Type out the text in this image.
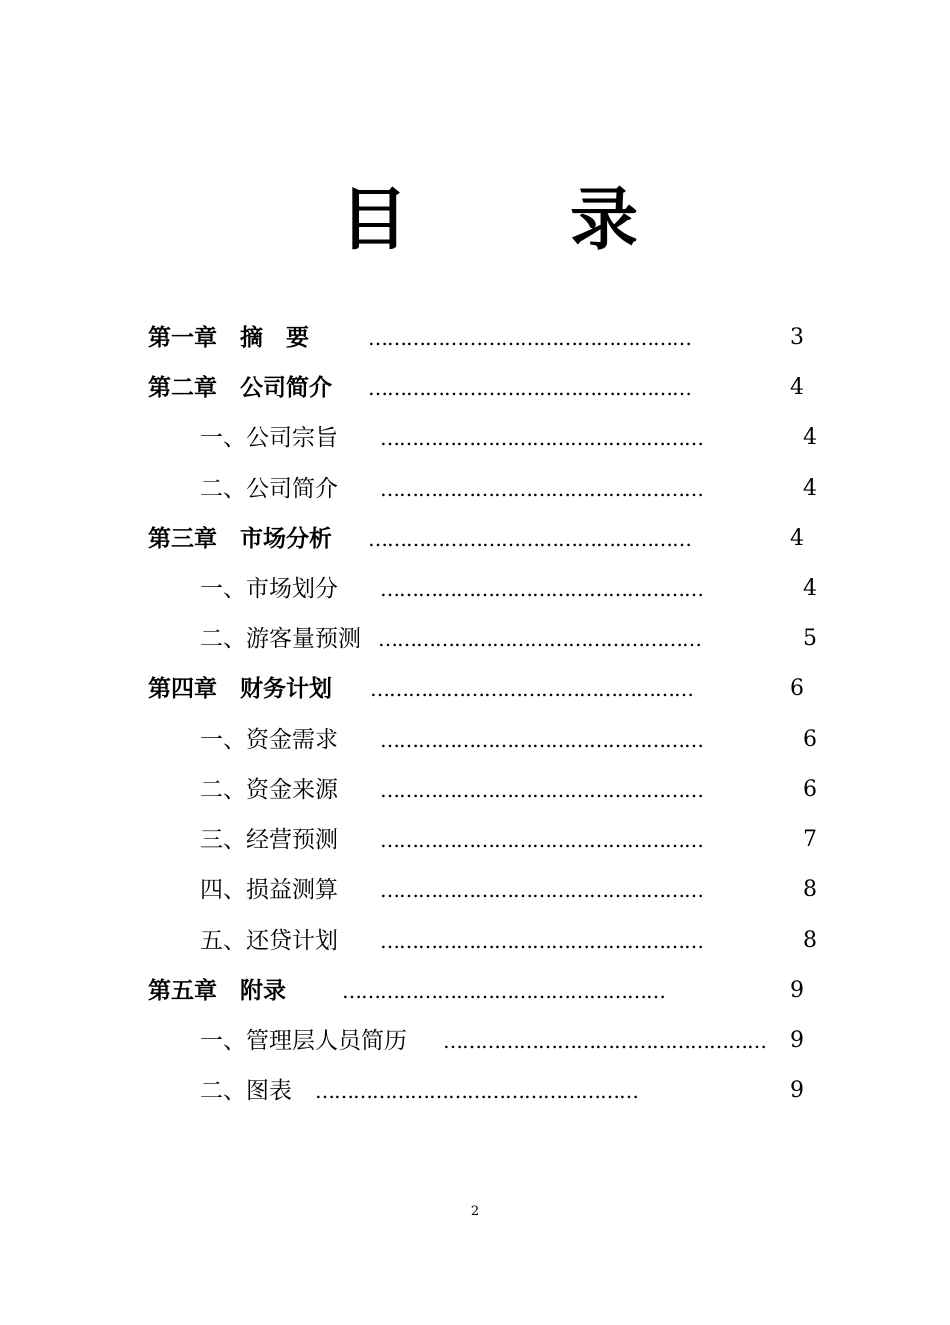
目 录
第一章　摘　要	……………………………………………	3
第二章　公司简介 ……………………………………………	4
一、公司宗旨 ……………………………………………	4
二、公司简介 ……………………………………………	4
第三章　市场分析 ……………………………………………	4
一、市场划分 ……………………………………………	4
二、游客量预测 ……………………………………………	5
第四章　财务计划 ……………………………………………	6
一、资金需求 ……………………………………………	6
二、资金来源 ……………………………………………	6
三、经营预测 ……………………………………………	7
四、损益测算 ……………………………………………	8
五、还贷计划 ……………………………………………	8
第五章　附录	……………………………………………	9
一、管理层人员简历 ……………………………………………	9
二、图表 ……………………………………………	9
2
